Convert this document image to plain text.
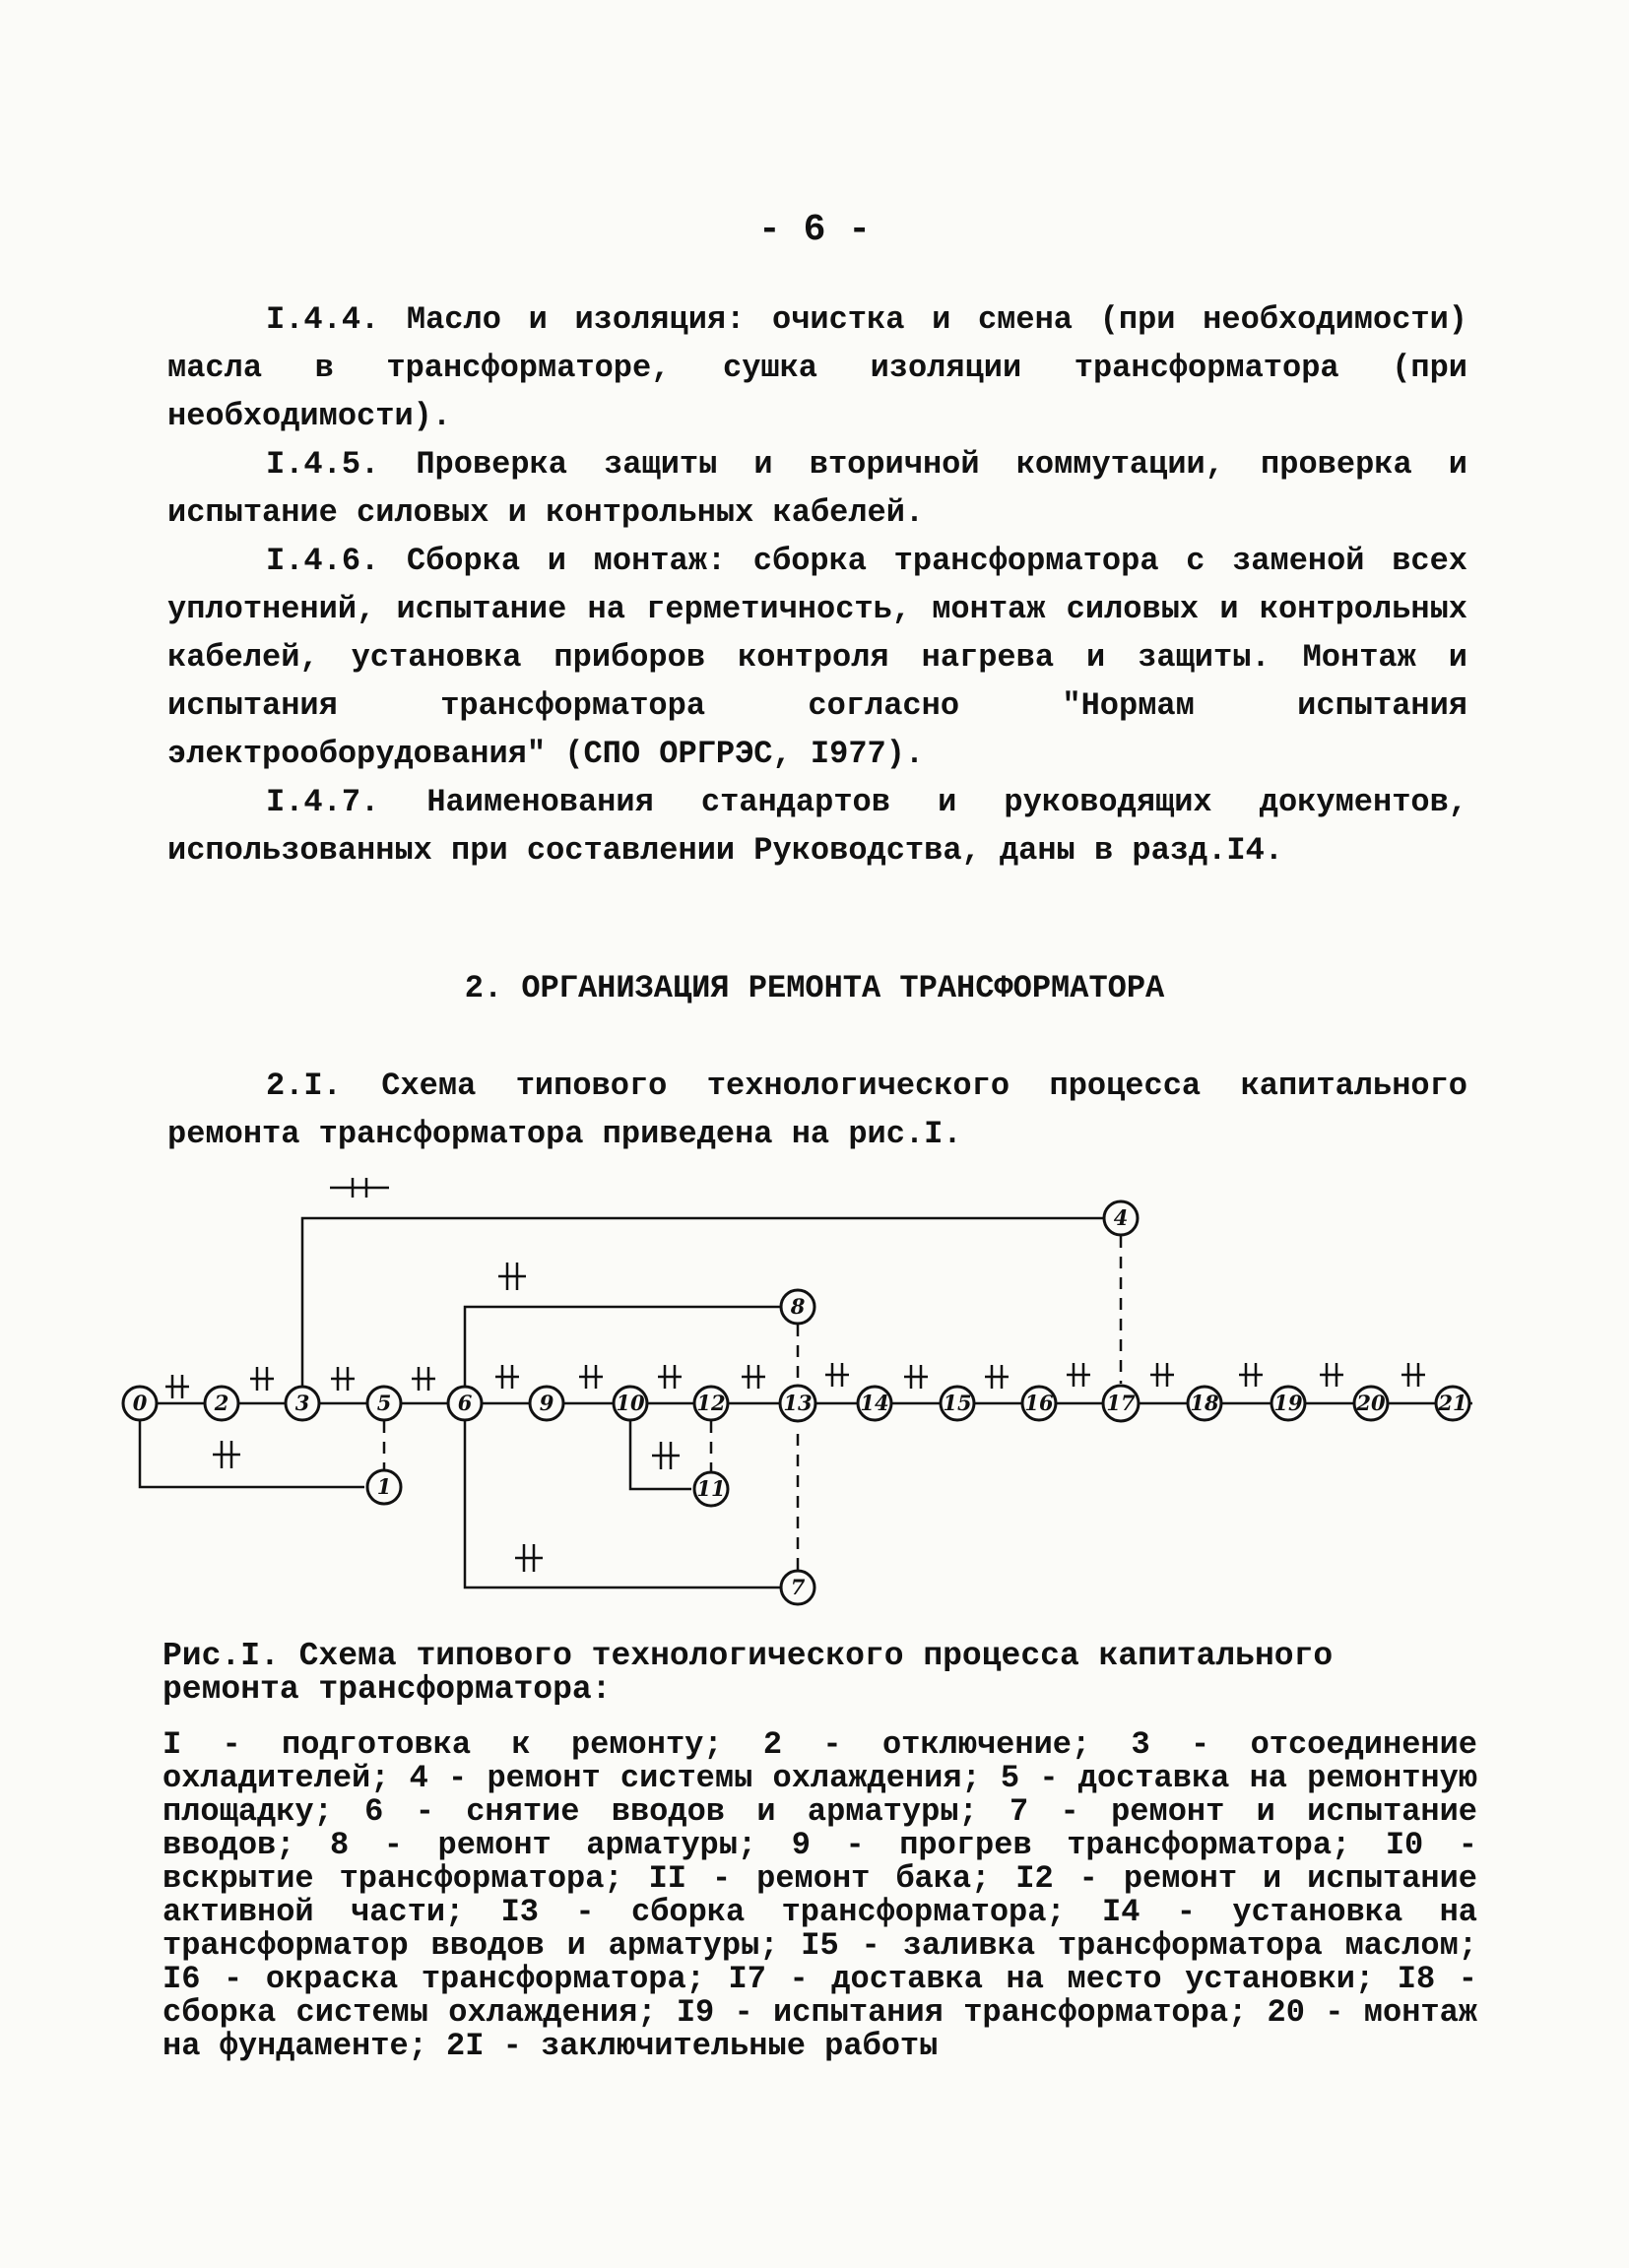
- 6 -
I.4.4. Масло и изоляция: очистка и смена (при необходимости) масла в трансформаторе, сушка изоляции трансформатора (при необходимости).
I.4.5. Проверка защиты и вторичной коммутации, проверка и испытание силовых и контрольных кабелей.
I.4.6. Сборка и монтаж: сборка трансформатора с заменой всех уплотнений, испытание на герметичность, монтаж силовых и контрольных кабелей, установка приборов контроля нагрева и защиты. Монтаж и испытания трансформатора согласно "Нормам испытания электрооборудования" (СПО ОРГРЭС, I977).
I.4.7. Наименования стандартов и руководящих документов, использованных при составлении Руководства, даны в разд.I4.
2. ОРГАНИЗАЦИЯ РЕМОНТА ТРАНСФОРМАТОРА
2.I. Схема типового технологического процесса капитального ремонта трансформатора приведена на рис.I.
0	2	3	5	6	9	10	12	13 14	15	16	17	18	19	20	21
1	11
4
8
7
Рис.I. Схема типового технологического процесса капитального ремонта трансформатора:
I - подготовка к ремонту; 2 - отключение; 3 - отсоединение охладителей; 4 - ремонт системы охлаждения; 5 - доставка на ремонтную площадку; 6 - снятие вводов и арматуры; 7 - ремонт и испытание вводов; 8 - ремонт арматуры; 9 - прогрев трансформатора; I0 - вскрытие трансформатора; II - ремонт бака; I2 - ремонт и испытание активной части; I3 - сборка трансформатора; I4 - установка на трансформатор вводов и арматуры; I5 - заливка трансформатора маслом; I6 - окраска трансформатора; I7 - доставка на место установки; I8 - сборка системы охлаждения; I9 - испытания трансформатора; 20 - монтаж на фундаменте; 2I - заключительные работы
